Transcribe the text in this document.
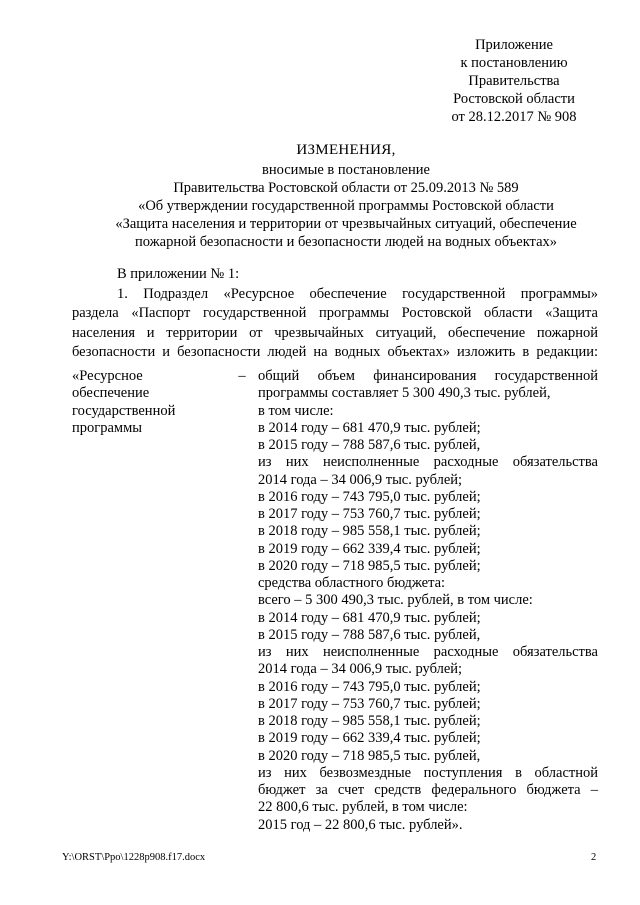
Приложение
к постановлению
Правительства
Ростовской области
от 28.12.2017 № 908
ИЗМЕНЕНИЯ,
вносимые в постановление
Правительства Ростовской области от 25.09.2013 № 589
«Об утверждении государственной программы Ростовской области
«Защита населения и территории от чрезвычайных ситуаций, обеспечение
пожарной безопасности и безопасности людей на водных объектах»
В приложении № 1:
1. Подраздел «Ресурсное обеспечение государственной программы»
раздела «Паспорт государственной программы Ростовской области «Защита
населения и территории от чрезвычайных ситуаций, обеспечение пожарной
безопасности и безопасности людей на водных объектах» изложить в редакции:
«Ресурсное
обеспечение
государственной
программы
– общий объем финансирования государственной
программы составляет 5 300 490,3 тыс. рублей,
в том числе:
в 2014 году – 681 470,9 тыс. рублей;
в 2015 году – 788 587,6 тыс. рублей,
из них неисполненные расходные обязательства
2014 года – 34 006,9 тыс. рублей;
в 2016 году – 743 795,0 тыс. рублей;
в 2017 году – 753 760,7 тыс. рублей;
в 2018 году – 985 558,1 тыс. рублей;
в 2019 году – 662 339,4 тыс. рублей;
в 2020 году – 718 985,5 тыс. рублей;
средства областного бюджета:
всего – 5 300 490,3 тыс. рублей, в том числе:
в 2014 году – 681 470,9 тыс. рублей;
в 2015 году – 788 587,6 тыс. рублей,
из них неисполненные расходные обязательства
2014 года – 34 006,9 тыс. рублей;
в 2016 году – 743 795,0 тыс. рублей;
в 2017 году – 753 760,7 тыс. рублей;
в 2018 году – 985 558,1 тыс. рублей;
в 2019 году – 662 339,4 тыс. рублей;
в 2020 году – 718 985,5 тыс. рублей,
из них безвозмездные поступления в областной
бюджет за счет средств федерального бюджета –
22 800,6 тыс. рублей, в том числе:
2015 год – 22 800,6 тыс. рублей».
Y:\ORST\Ppo\1228p908.f17.docx	2
